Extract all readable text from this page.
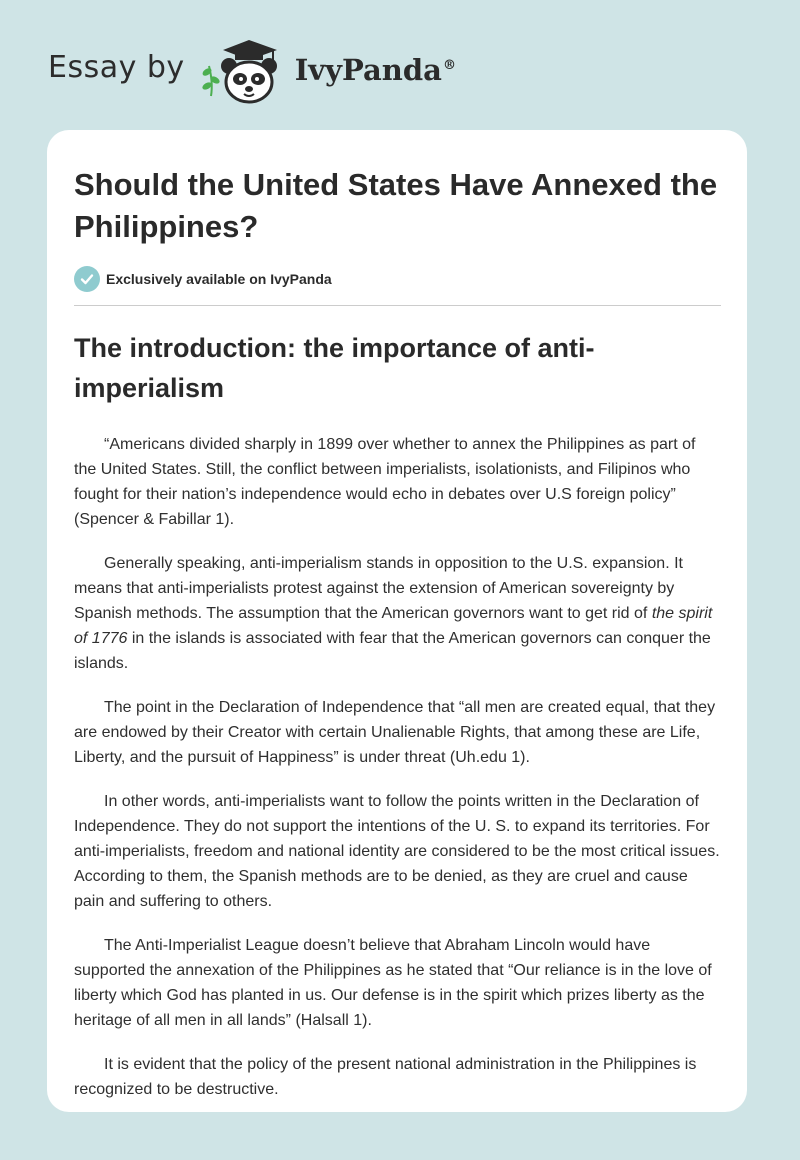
Essay by	IvyPanda®
Should the United States Have Annexed the Philippines?
Exclusively available on IvyPanda
The introduction: the importance of anti-imperialism

“Americans divided sharply in 1899 over whether to annex the Philippines as part of the United States. Still, the conflict between imperialists, isolationists, and Filipinos who fought for their nation’s independence would echo in debates over U.S foreign policy” (Spencer & Fabillar 1).

Generally speaking, anti-imperialism stands in opposition to the U.S. expansion. It means that anti-imperialists protest against the extension of American sovereignty by Spanish methods. The assumption that the American governors want to get rid of the spirit of 1776 in the islands is associated with fear that the American governors can conquer the islands.

The point in the Declaration of Independence that “all men are created equal, that they are endowed by their Creator with certain Unalienable Rights, that among these are Life, Liberty, and the pursuit of Happiness” is under threat (Uh.edu 1).

In other words, anti-imperialists want to follow the points written in the Declaration of Independence. They do not support the intentions of the U. S. to expand its territories. For anti-imperialists, freedom and national identity are considered to be the most critical issues. According to them, the Spanish methods are to be denied, as they are cruel and cause pain and suffering to others.

The Anti-Imperialist League doesn’t believe that Abraham Lincoln would have supported the annexation of the Philippines as he stated that “Our reliance is in the love of liberty which God has planted in us. Our defense is in the spirit which prizes liberty as the heritage of all men in all lands” (Halsall 1).

It is evident that the policy of the present national administration in the Philippines is recognized to be destructive.
